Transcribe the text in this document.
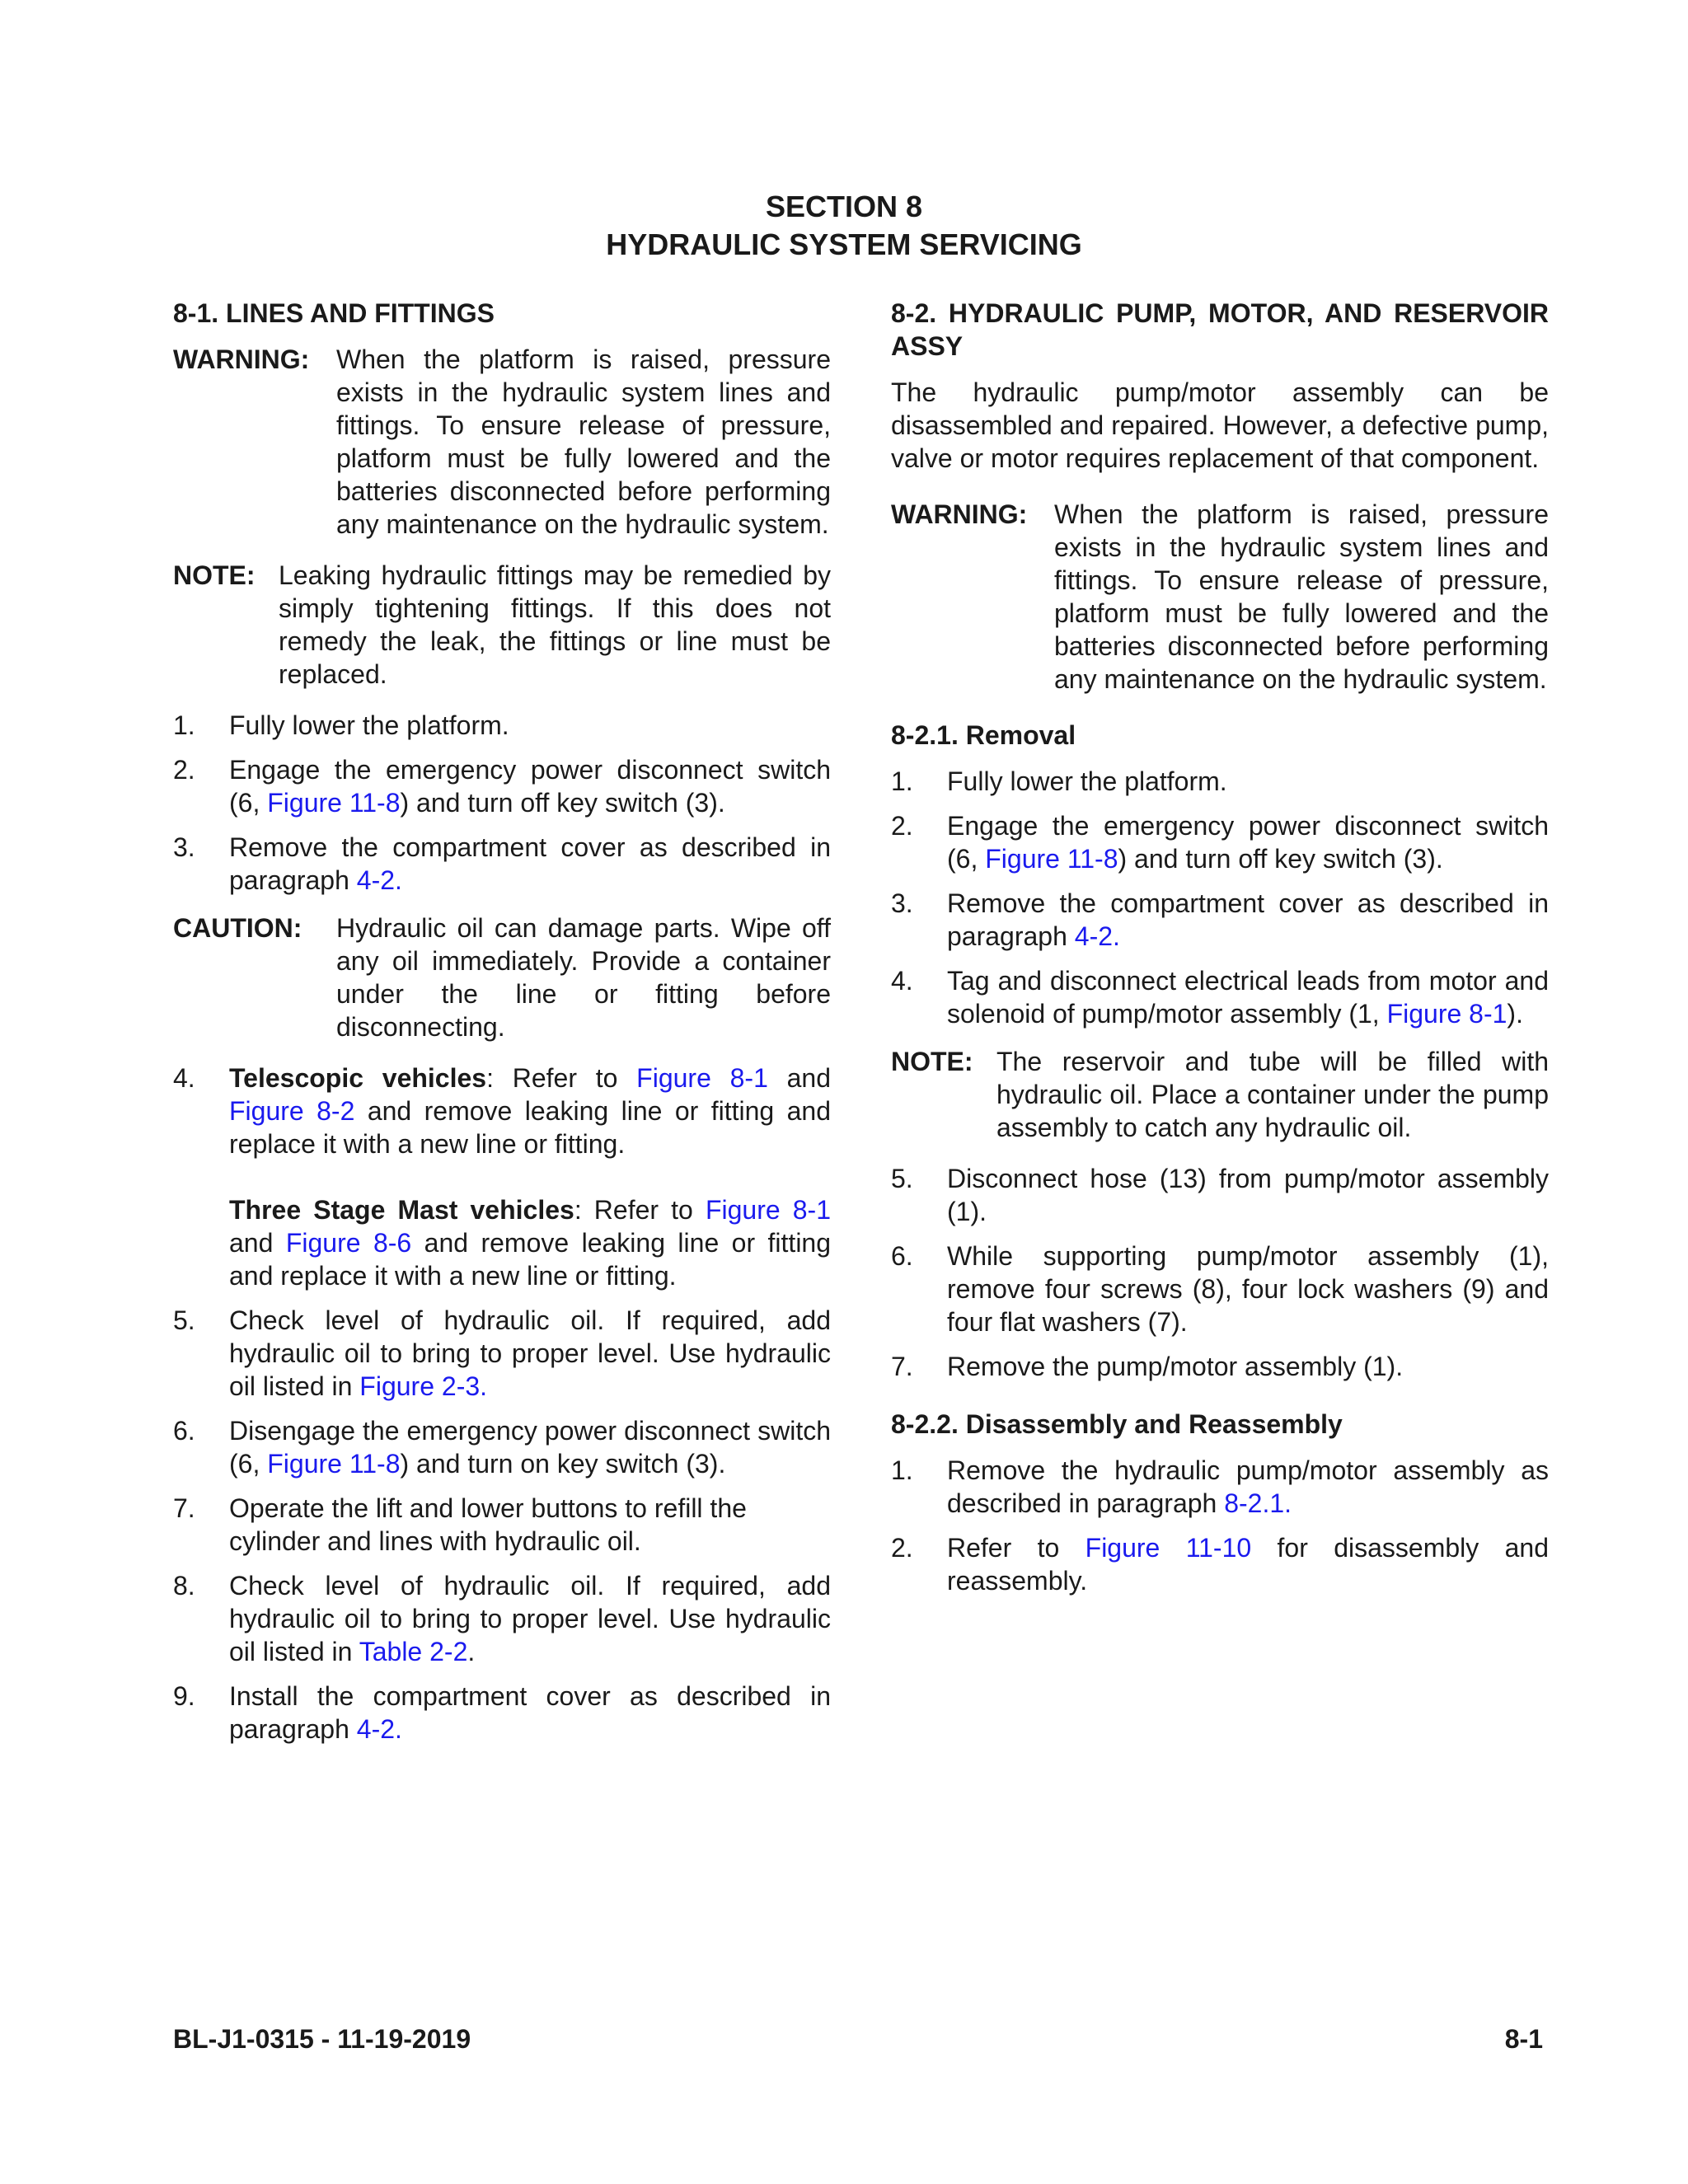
SECTION 8
HYDRAULIC SYSTEM SERVICING
8-1. LINES AND FITTINGS
WARNING:	When the platform is raised, pressure exists in the hydraulic system lines and fittings. To ensure release of pressure, platform must be fully lowered and the batteries disconnected before performing any maintenance on the hydraulic system.
NOTE: Leaking hydraulic fittings may be remedied by simply tightening fittings. If this does not remedy the leak, the fittings or line must be replaced.
1.	Fully lower the platform.
2.	Engage the emergency power disconnect switch (6, Figure 11-8) and turn off key switch (3).
3.	Remove the compartment cover as described in paragraph 4-2.
CAUTION:	Hydraulic oil can damage parts. Wipe off any oil immediately. Provide a container under the line or fitting before disconnecting.
4.	Telescopic vehicles: Refer to Figure 8-1 and Figure 8-2 and remove leaking line or fitting and replace it with a new line or fitting.
Three Stage Mast vehicles: Refer to Figure 8-1 and Figure 8-6 and remove leaking line or fitting and replace it with a new line or fitting.
5.	Check level of hydraulic oil. If required, add hydraulic oil to bring to proper level. Use hydraulic oil listed in Figure 2-3.
6.	Disengage the emergency power disconnect switch (6, Figure 11-8) and turn on key switch (3).
7.	Operate the lift and lower buttons to refill the cylinder and lines with hydraulic oil.
8.	Check level of hydraulic oil. If required, add hydraulic oil to bring to proper level. Use hydraulic oil listed in Table 2-2.
9.	Install the compartment cover as described in paragraph 4-2.
8-2. HYDRAULIC PUMP, MOTOR, AND RESERVOIR ASSY

The hydraulic pump/motor assembly can be disassembled and repaired. However, a defective pump, valve or motor requires replacement of that component.

WARNING:	When the platform is raised, pressure exists in the hydraulic system lines and fittings. To ensure release of pressure, platform must be fully lowered and the batteries disconnected before performing any maintenance on the hydraulic system.
8-2.1. Removal
1.	Fully lower the platform.
2.	Engage the emergency power disconnect switch (6, Figure 11-8) and turn off key switch (3).
3.	Remove the compartment cover as described in paragraph 4-2.
4.	Tag and disconnect electrical leads from motor and solenoid of pump/motor assembly (1, Figure 8-1).
NOTE: The reservoir and tube will be filled with hydraulic oil. Place a container under the pump assembly to catch any hydraulic oil.
5.	Disconnect hose (13) from pump/motor assembly (1).
6.	While supporting pump/motor assembly (1), remove four screws (8), four lock washers (9) and four flat washers (7).
7.	Remove the pump/motor assembly (1).
8-2.2. Disassembly and Reassembly
1.	Remove the hydraulic pump/motor assembly as described in paragraph 8-2.1.
2.	Refer to Figure 11-10 for disassembly and reassembly.
BL-J1-0315 - 11-19-2019	8-1
